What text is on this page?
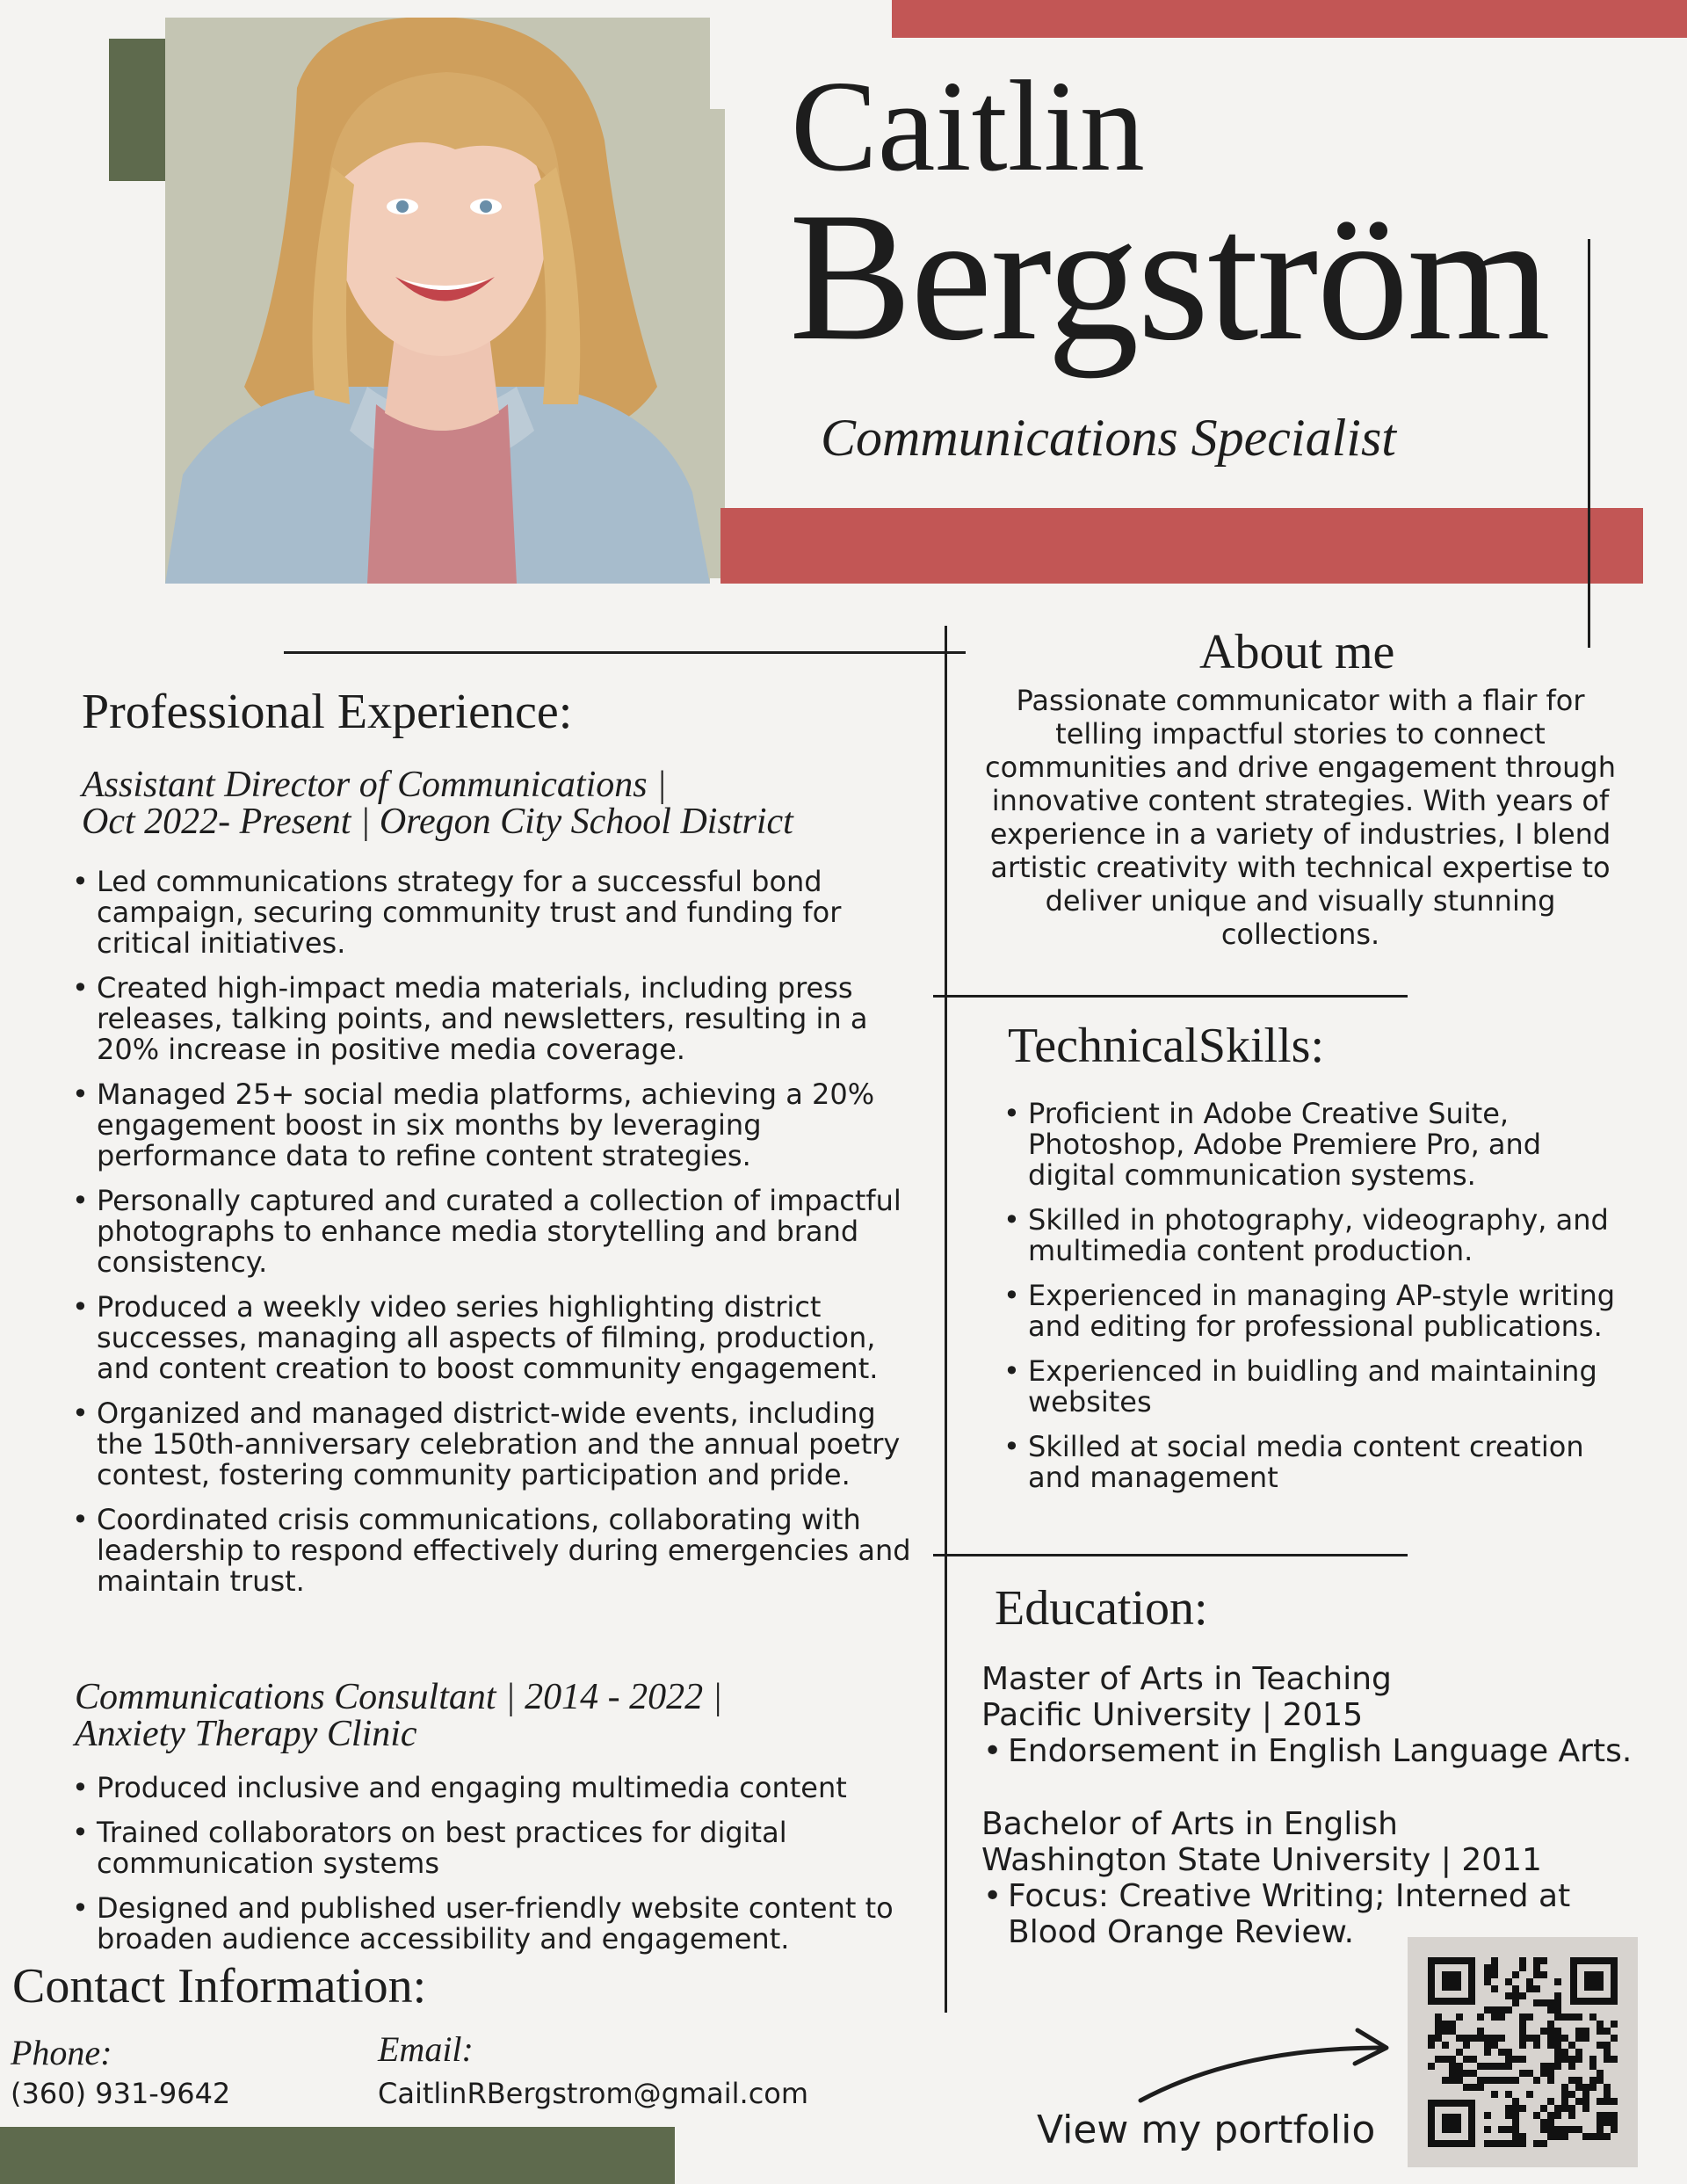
Caitlin
Bergström
Communications Specialist
Professional Experience:
Assistant Director of Communications |
Oct 2022- Present | Oregon City School District
• Led communications strategy for a successful bond campaign, securing community trust and funding for critical initiatives.
• Created high-impact media materials, including press releases, talking points, and newsletters, resulting in a 20% increase in positive media coverage.
• Managed 25+ social media platforms, achieving a 20% engagement boost in six months by leveraging performance data to refine content strategies.
• Personally captured and curated a collection of impactful photographs to enhance media storytelling and brand consistency.
• Produced a weekly video series highlighting district successes, managing all aspects of filming, production, and content creation to boost community engagement.
• Organized and managed district-wide events, including the 150th-anniversary celebration and the annual poetry contest, fostering community participation and pride.
• Coordinated crisis communications, collaborating with leadership to respond effectively during emergencies and maintain trust.
Communications Consultant | 2014 - 2022 |
Anxiety Therapy Clinic
• Produced inclusive and engaging multimedia content
• Trained collaborators on best practices for digital communication systems
• Designed and published user-friendly website content to broaden audience accessibility and engagement.
About me
Passionate communicator with a flair for telling impactful stories to connect communities and drive engagement through innovative content strategies. With years of experience in a variety of industries, I blend artistic creativity with technical expertise to deliver unique and visually stunning collections.
TechnicalSkills:
• Proficient in Adobe Creative Suite, Photoshop, Adobe Premiere Pro, and digital communication systems.
• Skilled in photography, videography, and multimedia content production.
• Experienced in managing AP-style writing and editing for professional publications.
• Experienced in buidling and maintaining websites
• Skilled at social media content creation and management
Education:
Master of Arts in Teaching
Pacific University | 2015
• Endorsement in English Language Arts.
Bachelor of Arts in English
Washington State University | 2011
• Focus: Creative Writing; Interned at Blood Orange Review.
Contact Information:
Phone:
(360) 931-9642
Email:
CaitlinRBergstrom@gmail.com
View my portfolio
